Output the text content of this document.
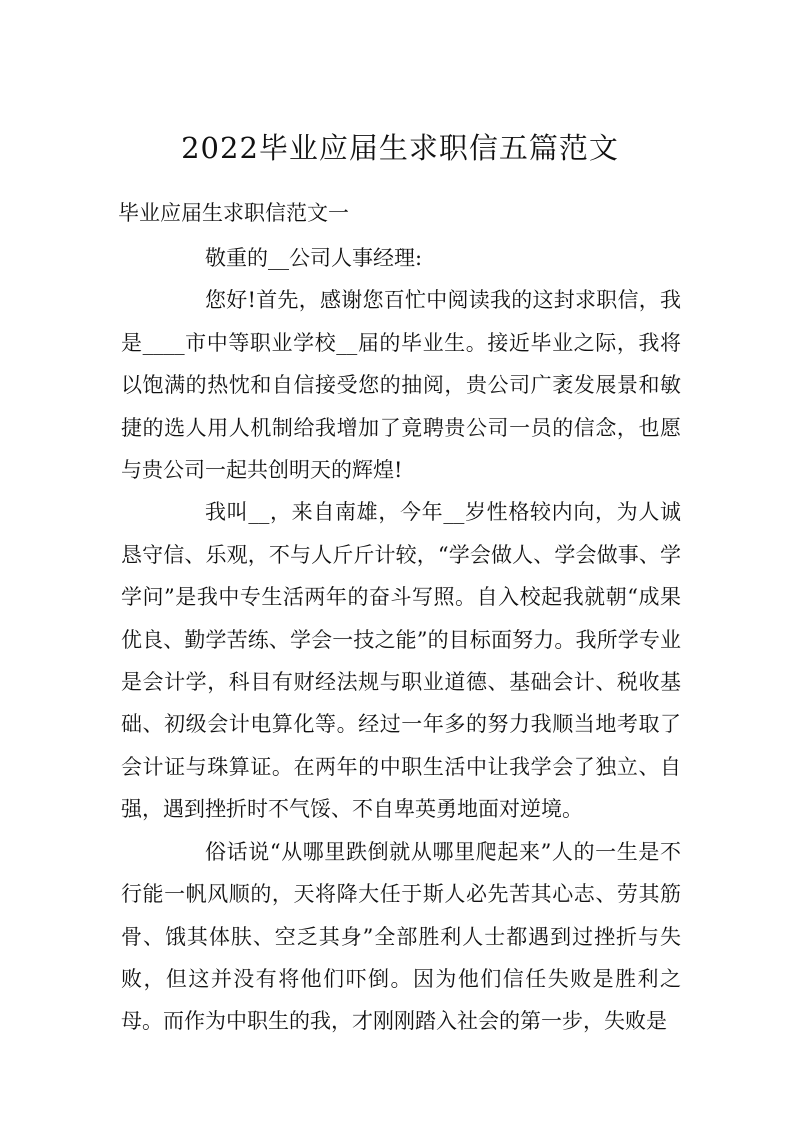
2022毕业应届生求职信五篇范文
毕业应届生求职信范文一

敬重的__公司人事经理:

您好!首先，感谢您百忙中阅读我的这封求职信，我是____市中等职业学校__届的毕业生。接近毕业之际，我将以饱满的热忱和自信接受您的抽阅，贵公司广袤发展景和敏捷的选人用人机制给我增加了竟聘贵公司一员的信念，也愿与贵公司一起共创明天的辉煌!

我叫__，来自南雄，今年__岁性格较内向，为人诚恳守信、乐观，不与人斤斤计较，“学会做人、学会做事、学学问”是我中专生活两年的奋斗写照。自入校起我就朝“成果优良、勤学苦练、学会一技之能”的目标面努力。我所学专业是会计学，科目有财经法规与职业道德、基础会计、税收基础、初级会计电算化等。经过一年多的努力我顺当地考取了会计证与珠算证。在两年的中职生活中让我学会了独立、自强，遇到挫折时不气馁、不自卑英勇地面对逆境。

俗话说“从哪里跌倒就从哪里爬起来”人的一生是不行能一帆风顺的，天将降大任于斯人必先苦其心志、劳其筋骨、饿其体肤、空乏其身”全部胜利人士都遇到过挫折与失败，但这并没有将他们吓倒。因为他们信任失败是胜利之母。而作为中职生的我，才刚刚踏入社会的第一步，失败是
